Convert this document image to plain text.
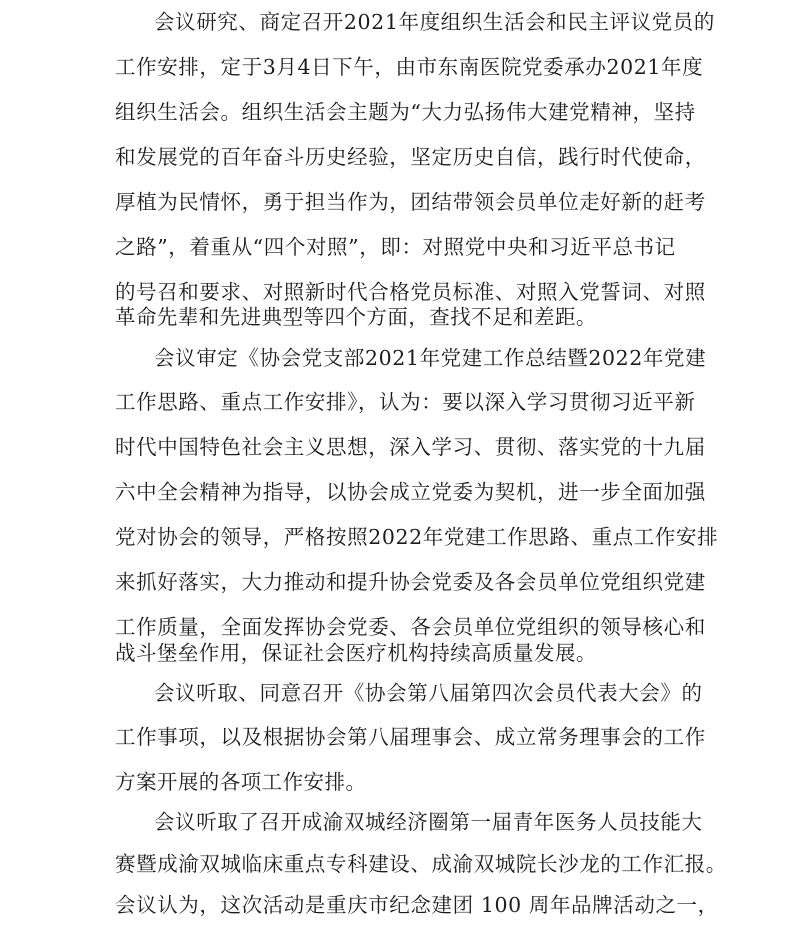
会议研究、商定召开2021年度组织生活会和民主评议党员的
工作安排，定于3月4日下午，由市东南医院党委承办2021年度
组织生活会。组织生活会主题为“大力弘扬伟大建党精神，坚持
和发展党的百年奋斗历史经验，坚定历史自信，践行时代使命，
厚植为民情怀，勇于担当作为，团结带领会员单位走好新的赶考
之路”，着重从“四个对照”，即：对照党中央和习近平总书记
的号召和要求、对照新时代合格党员标准、对照入党誓词、对照
革命先辈和先进典型等四个方面，查找不足和差距。
会议审定《协会党支部2021年党建工作总结暨2022年党建
工作思路、重点工作安排》，认为：要以深入学习贯彻习近平新
时代中国特色社会主义思想，深入学习、贯彻、落实党的十九届
六中全会精神为指导，以协会成立党委为契机，进一步全面加强
党对协会的领导，严格按照2022年党建工作思路、重点工作安排
来抓好落实，大力推动和提升协会党委及各会员单位党组织党建
工作质量，全面发挥协会党委、各会员单位党组织的领导核心和
战斗堡垒作用，保证社会医疗机构持续高质量发展。
会议听取、同意召开《协会第八届第四次会员代表大会》的
工作事项，以及根据协会第八届理事会、成立常务理事会的工作
方案开展的各项工作安排。
会议听取了召开成渝双城经济圈第一届青年医务人员技能大
赛暨成渝双城临床重点专科建设、成渝双城院长沙龙的工作汇报。
会议认为，这次活动是重庆市纪念建团 100 周年品牌活动之一，
